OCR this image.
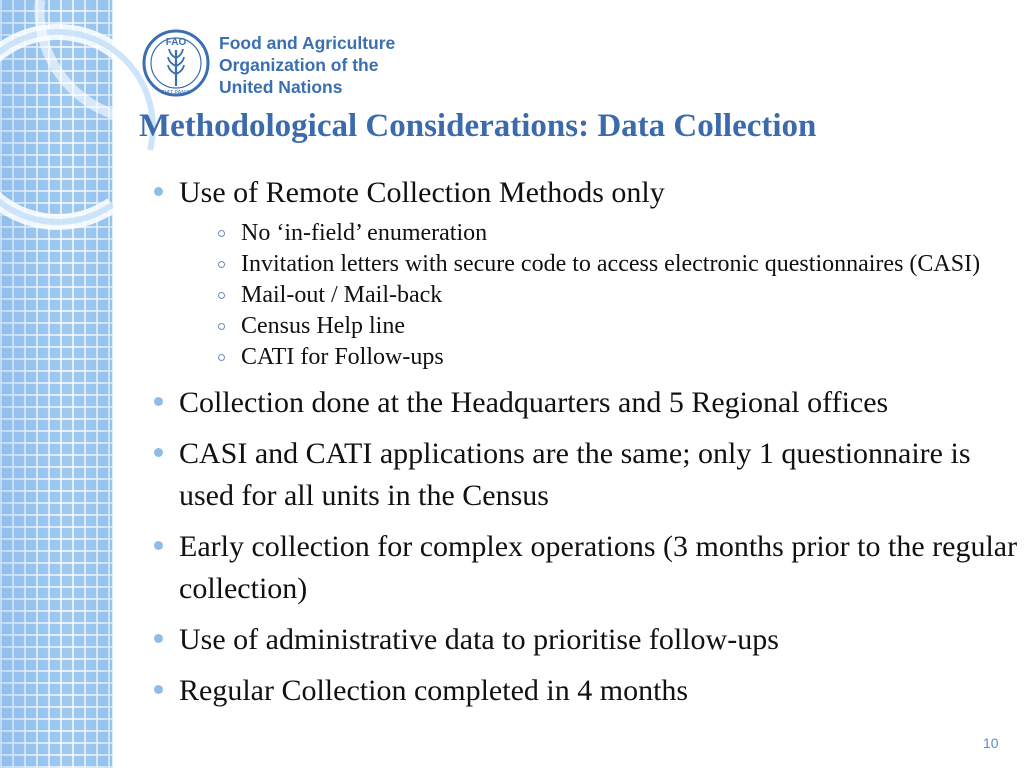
FAO
FIAT PANIS
Food and Agriculture
Organization of the
United Nations
Methodological Considerations: Data Collection
Use of Remote Collection Methods only
No ‘in-field’ enumeration
Invitation letters with secure code to access electronic questionnaires (CASI)
Mail-out / Mail-back
Census Help line
CATI for Follow-ups
Collection done at the Headquarters and 5 Regional offices
CASI and CATI applications are the same; only 1 questionnaire is used for all units in the Census
Early collection for complex operations (3 months prior to the regular collection)
Use of administrative data to prioritise follow-ups
Regular Collection completed in 4 months
10
